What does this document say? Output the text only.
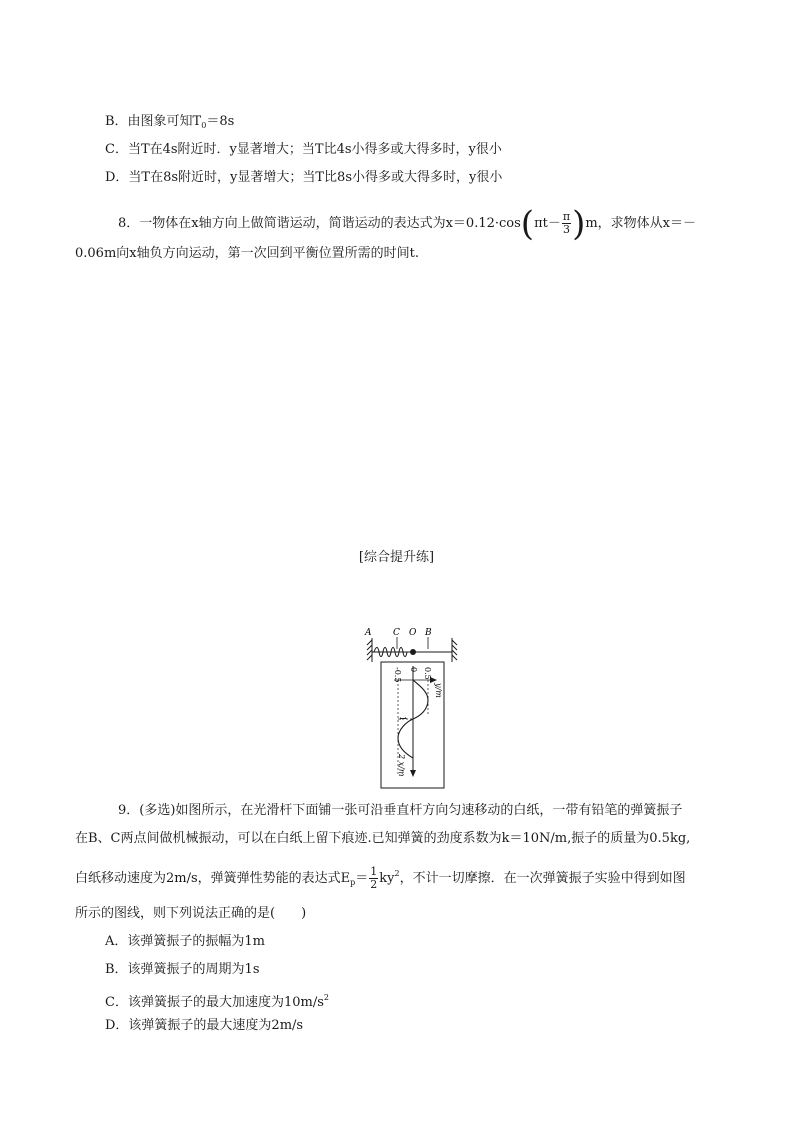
B．由图象可知$T_0=8s$
C．当T在4s附近时．y显著增大；当T比4s小得多或大得多时，y很小
D．当T在8s附近时，y显著增大；当T比8s小得多或大得多时，y很小
8．一物体在x轴方向上做简谐运动，简谐运动的表达式为$x=0.12\cdot\cos(\pi t- \frac{\pi}{3} )m$，求物体从x＝－
0.06m向x轴负方向运动，第一次回到平衡位置所需的时间t.
[综合提升练]
A C O B
-0.5 0 0.5
1
y/m
2 x/m
9．(多选)如图所示，在光滑杆下面铺一张可沿垂直杆方向匀速移动的白纸，一带有铅笔的弹簧振子
在B、C两点间做机械振动，可以在白纸上留下痕迹.已知弹簧的劲度系数为k＝10N/m,振子的质量为0.5kg,
白纸移动速度为2m/s，弹簧弹性势能的表达式$E_p= \frac{1}{2} ky^2$，不计一切摩擦．在一次弹簧振子实验中得到如图
所示的图线，则下列说法正确的是(　　)
A．该弹簧振子的振幅为1m
B．该弹簧振子的周期为1s
C．该弹簧振子的最大加速度为$10m/s^2$
D．该弹簧振子的最大速度为2m/s
